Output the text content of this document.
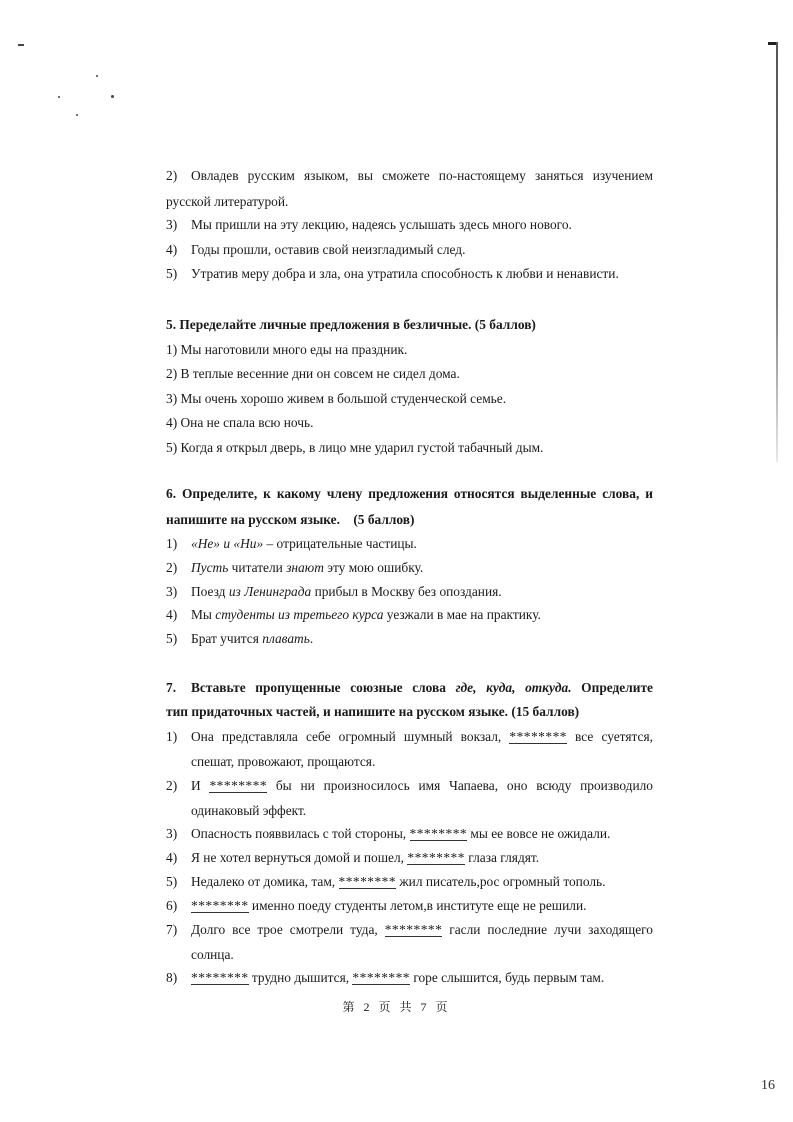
2) Овладев русским языком, вы сможете по-настоящему заняться изучением
русской литературой.
3) Мы пришли на эту лекцию, надеясь услышать здесь много нового.
4) Годы прошли, оставив свой неизгладимый след.
5) Утратив меру добра и зла, она утратила способность к любви и ненависти.
5. Переделайте личные предложения в безличные. (5 баллов)
1) Мы наготовили много еды на праздник.
2) В теплые весенние дни он совсем не сидел дома.
3) Мы очень хорошо живем в большой студенческой семье.
4) Она не спала всю ночь.
5) Когда я открыл дверь, в лицо мне ударил густой табачный дым.
6. Определите, к какому члену предложения относятся выделенные слова, и
напишите на русском языке. (5 баллов)
1) «Не» и «Ни» – отрицательные частицы.
2) Пусть читатели знают эту мою ошибку.
3) Поезд из Ленинграда прибыл в Москву без опоздания.
4) Мы студенты из третьего курса уезжали в мае на практику.
5) Брат учится плавать.
7. Вставьте пропущенные союзные слова где, куда, откуда. Определите
тип придаточных частей, и напишите на русском языке. (15 баллов)
1) Она представляла себе огромный шумный вокзал, ******** все суетятся,
спешат, провожают, прощаются.
2) И ******** бы ни произносилось имя Чапаева, оно всюду производило
одинаковый эффект.
3) Опасность появвилась с той стороны, ******** мы ее вовсе не ожидали.
4) Я не хотел вернуться домой и пошел, ******** глаза глядят.
5) Недалеко от домика, там, ******** жил писатель,рос огромный тополь.
6) ******** именно поеду студенты летом,в институте еще не решили.
7) Долго все трое смотрели туда, ******** гасли последние лучи заходящего
солнца.
8) ******** трудно дышится, ******** горе слышится, будь первым там.
第 2 页 共 7 页
16
